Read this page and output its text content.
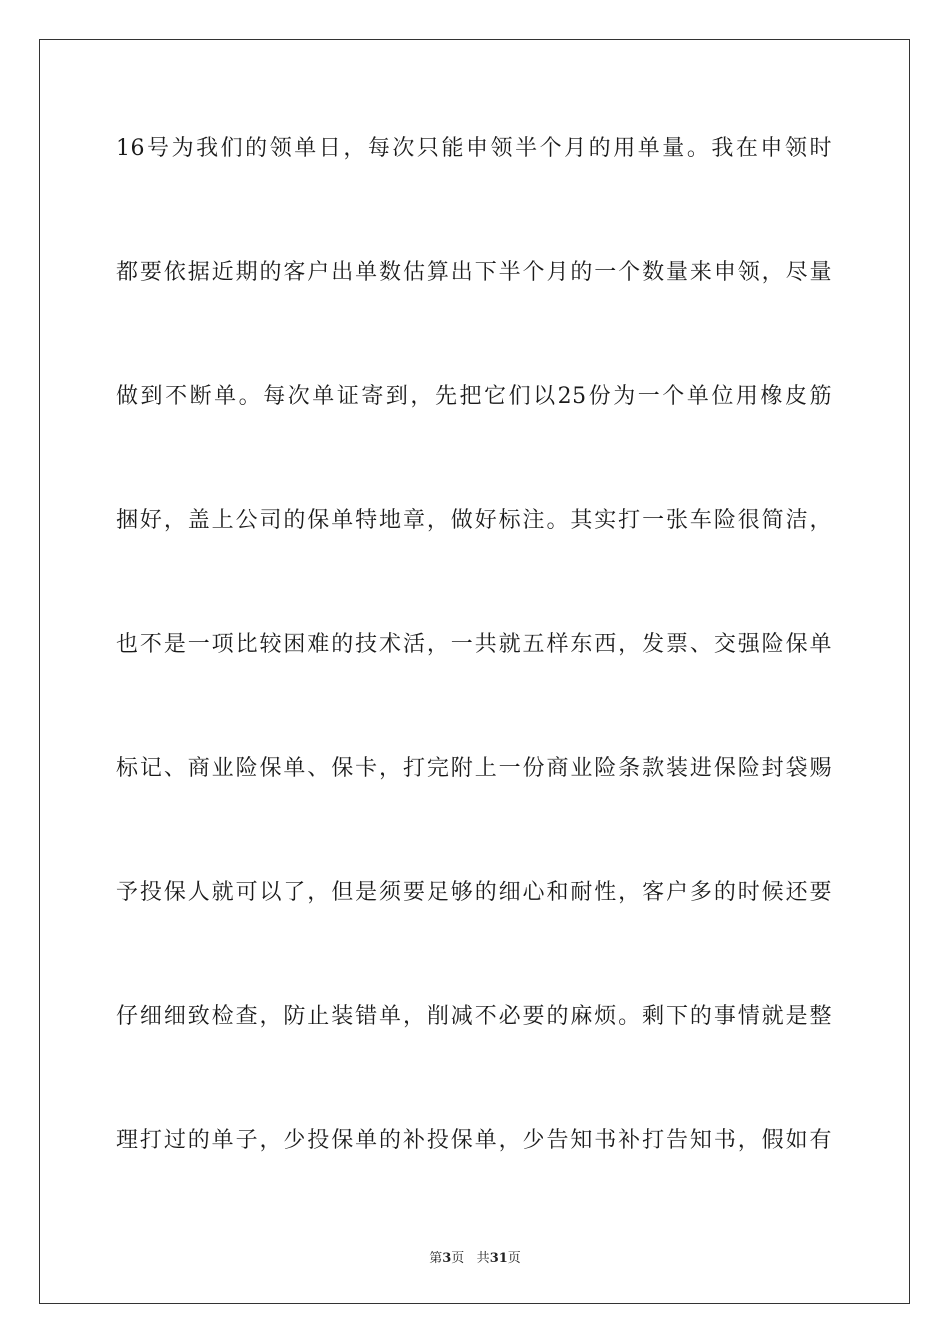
16号为我们的领单日，每次只能申领半个月的用单量。我在申领时
都要依据近期的客户出单数估算出下半个月的一个数量来申领，尽量
做到不断单。每次单证寄到，先把它们以25份为一个单位用橡皮筋
捆好，盖上公司的保单特地章，做好标注。其实打一张车险很简洁，
也不是一项比较困难的技术活，一共就五样东西，发票、交强险保单
标记、商业险保单、保卡，打完附上一份商业险条款装进保险封袋赐
予投保人就可以了，但是须要足够的细心和耐性，客户多的时候还要
仔细细致检查，防止装错单，削减不必要的麻烦。剩下的事情就是整
理打过的单子，少投保单的补投保单，少告知书补打告知书，假如有
第3页 共31页
